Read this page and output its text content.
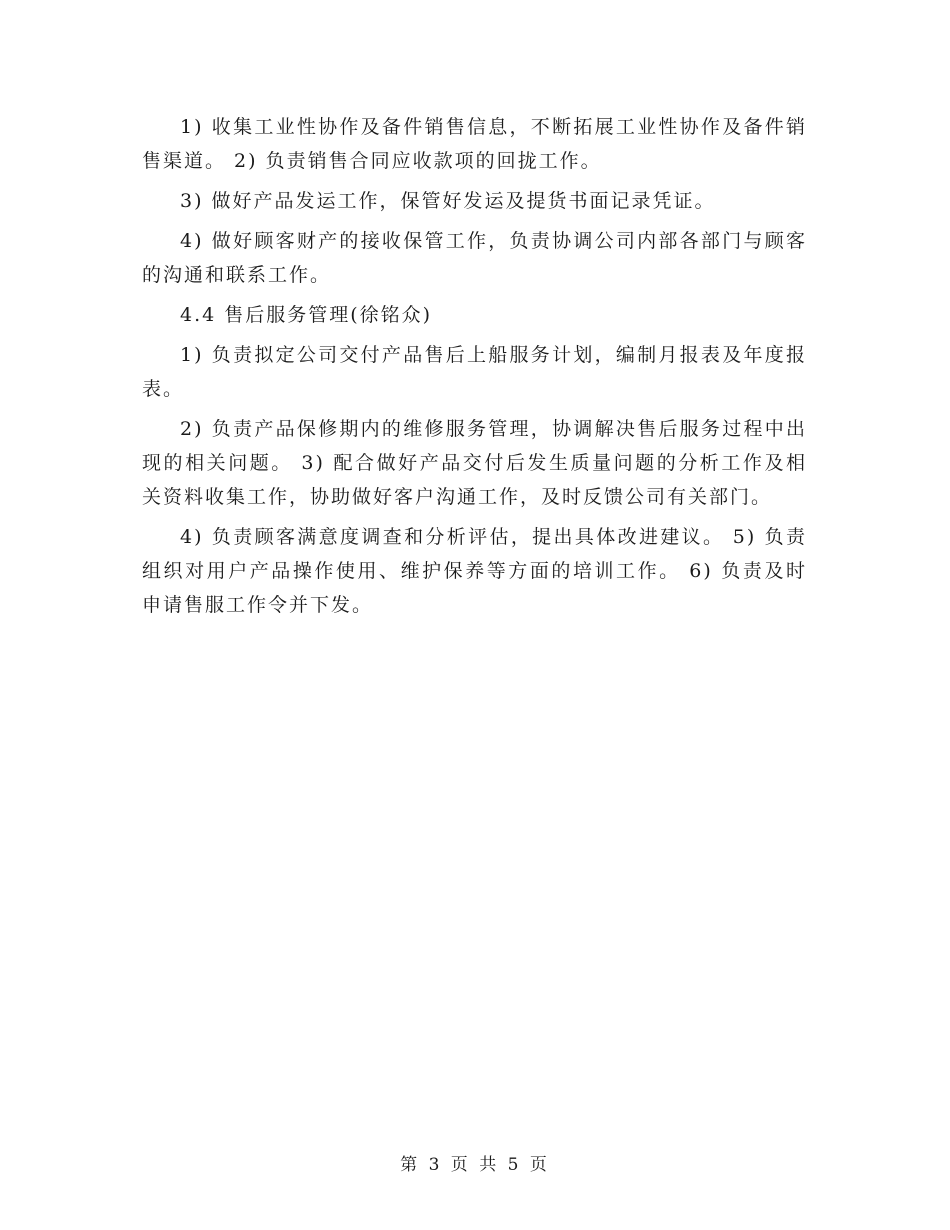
1) 收集工业性协作及备件销售信息，不断拓展工业性协作及备件销售渠道。 2) 负责销售合同应收款项的回拢工作。

3) 做好产品发运工作，保管好发运及提货书面记录凭证。

4) 做好顾客财产的接收保管工作，负责协调公司内部各部门与顾客的沟通和联系工作。

4.4 售后服务管理(徐铭众)

1) 负责拟定公司交付产品售后上船服务计划，编制月报表及年度报表。

2) 负责产品保修期内的维修服务管理，协调解决售后服务过程中出现的相关问题。 3) 配合做好产品交付后发生质量问题的分析工作及相关资料收集工作，协助做好客户沟通工作，及时反馈公司有关部门。

4) 负责顾客满意度调查和分析评估，提出具体改进建议。 5) 负责组织对用户产品操作使用、维护保养等方面的培训工作。 6) 负责及时申请售服工作令并下发。

第 3 页 共 5 页
